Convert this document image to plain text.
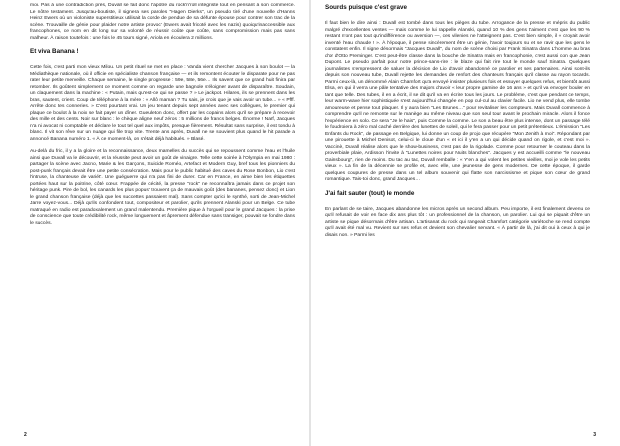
moi. Pas à une contradiction près, Duvall se fait donc l'apôtre du rock'n'roll intégriste tout en pensant à son commerce. Le nôtre testament. Jusqu'au-boutiste, il signera ses paroles "Hagen Dierks", un pseudo tiré d'une nouvelle d'Hanns Heinz Ewers où un violoniste superstitieux utilisait la corde de pendue de sa défunte épouse pour contrer son trac de la scène. Trouvaille de génie pour plaider notre artiste provoc' (Ewers avait fricoté avec les nazis) quoiqu'inaccessible aux francophones, ce nom en dit long sur sa volonté de réussir coûte que coûte, sans compromission mais pas sans malheur. À raison toutefois : une fois le 45 tours signé, Ariola en écoulera 2 millions.

Et viva Banana !

Cette fois, c'est parti mon vieux Milou. Un petit rituel se met en place : Vanda vient chercher Jacques à son boulot — la Médiathèque nationale, où il officie en spécialiste chanson française — et ils remontent écouter le disparate pour ne pas rater leur petite merveille. Chaque semaine, le single progresse : 59e, 58e, 56e… Ils savent que ce grand huit finira par retomber. Ils goûtent simplement ce moment comme on regarde une bagnole s'éloigner avant de disparaître. Soudain, un claquement dans la machine : « Putain, mais qu'est-ce qui se passe ? » Le jackpot. Hilares, ils se prennent dans les bras, sautent, crient. Coup de téléphone à la mère : « Allô maman ? Tu sais, je crois que je vais avoir un tube... » « Pfff. Arrête donc tes conneries. » C'est pourtant vrai. Un jeu tenant depuis sept années avec ses collègues, le premier qui plaque ce boulot à la noix se fait payer un dîner. Gueuleton donc, offert par les copains alors qu'il se prépare à recevoir des mille et des cents. Noir sur blanc : le chèque aligne neuf zéros : 5 millions de francs belges. Énorme ! Naïf, Jacques n'a ni avocat ni comptable et déclare le tout tel quel aux impôts, presque fièrement. Résultat sans surprise, il est tondu à blanc. Il vit son rêve sur un nuage qui file trop vite. Trente ans après, Duvall ne se souvient plus quand le hit parade a annoncé Banana numéro 1. « À ce moment-là, on s'était déjà habitués. » Blasé.

Au-delà du fric, il y a la gloire et la reconnaissance, deux mamelles du succès qui se repoussent comme l'eau et l'huile ainsi que Duvall va le découvrir, et la réussite peut avoir un goût de vinaigre. Telle cette soirée à l'Olympia en mai 1980 : partager la scène avec Jacno, Marie & les Garçons, Suicide Roméo, Artefact et Modern Guy, bref tous les pionniers du post-punk français devait être une petite consécration. Mais pour le public habitué des caves du Rose Bonbon, Lio c'est l'intruse, la chanteuse de variét'. Une guéguerre qui n'a pas fini de durer. Car en France, en aime bien les étiquettes portées haut sur la poitrine, côté cœur. Frappée de cécité, la presse "rock" ne reconnaîtra jamais dans ce projet son héritage punk. Pire de bol, les canards les plus popus' trouvent ça de mauvais goût (des bananes, pensez donc) et Lion le grand chanson française (déjà que les succettes passaient mal). Sans compter qu'ici le synthé, sorti de Jean-Michel Jarre voyez-vous... Déjà qu'ils confondent tout, compositeur et parolier, qu'ils prennent Alanski pour un Belge. Ce tube matraqué en radio est paradoxalement un grand malentendu. Première pique à l'orgueil pour le grand Jacques : la prise de conscience que toute crédibilité rock, même longuement et âprement défendue sans transiger, pouvait se fondre dans le succès.

2
Sourds puisque c'est grave

Il faut bien le dire ainsi : Duvall est tombé dans tous les pièges du tube. Arrogance de la presse et mépris du public malgré d'excellentes ventes — mais comme le lui rappelle Alanski, quand 10 % des gens t'aiment c'est que les 90 % restant n'ont pas tout qu'indifférence ou aversion —, ces vilenies ne l'atteignent pas. C'est bien simple, il « croyait avoir inventé l'eau chaude ! ». À l'époque, il pense sincèrement être un génie, l'avoir toujours su et se ravir que les gens le constatent enfin. Il signe désormais "Jacques Duvall", du nom de scène choisi par Frank Sinatra dans L'homme au bras d'or d'Otto Preminger. C'est peut-être classe dans la bouche de Sinatra mais en francophonie, c'est aussi con que Jean Dupont. Le pseudo parfait pour notre prince-sans-rire : le blaze qui fait rire tout le monde sauf Sinatra. Quelques journalistes s'empressent de saluer la décision de Lio d'avoir abandonné ce parolier et ses partenaires. Ainsi sont-ils depuis son nouveau tube, Duvall rejette les demandes de renfort des chanteurs français qu'il classe au rayon tocards. Parmi ceux-là, un dénommé Alain Chamfort qu'a envoyé insister plusieurs fois et essuyer quelques refus, et bientôt aussi Elsa, en qui il verra une pâle tentative des majors d'avoir « leur propre gamine de 16 ans » et qu'il va envoyer bouler en tant que telle. Des tubes, il en a écrit, il se dit qu'il va en écrire tous les jours. Le problème, c'est que pendant ce temps, leur warm-wave hier sophistiquée s'est aujourd'hui changée en pop cul-cul au clavier facile. Lio ne vend plus, elle tombe amoureuse et pense tout plaquer. Il y aura bien "Les Brunes…" pour revitaliser les compteurs. Mais Duvall commence à comprendre qu'il ne remonte sur le manège au même niveau que son seul tour avant le prochain miracle. Alors il fonce l'expérience en solo. Ce sera "Je le hais", puis Comme la comme. Le son a beau être plus intense, dont un passage télé le foudroiera à zéro mal caché derrière des lunettes de soleil, qui le fera passer pour un petit prétentieux. L'émission "Les Enfants du Rock", de passage en Belgique, lui donne un coup de projo que récupère "Mon Zenith à moi". Répondant par une pirouette à Michel Denisot, celui-ci le cloue d'un « et ici il y'en a un qui décide quand on rigole, et c'est moi ». Vaccinè, Duvall réalise alors que le show-business, c'est pas de la rigolade. Comme pour retourner le couteau dans la proverbiale plaie, Ardisson l'invite à "Lunettes noires pour Nuits blanches". Jacques y est accueilli comme "le nouveau Gainsbourg", rien de moins. Du tac au tac, Duvall remballe : « Y'en a qui volent les petites vieilles, moi je vole les petits vieux ». La fin de la décennie se profile et, avec elle, une jeunesse de gens modernes. De cette époque, il garde quelques coupures de presse dans un tel album souvenir qui flatte son narcissisme et pique son cœur de grand romantique. Tais-toi donc, grand Jacques…

J'ai fait sauter (tout) le monde

En parlant de se taire, Jacques abandonne les micros après un second album. Peu importe, il est finalement devenu ce qu'il refusait de voir en face dix ans plus tôt : un professionnel de la chanson, un parolier. Lui qui se piquait d'être un artiste se pique désormais d'être artisan. L'artisanat du rock qui rangeait Chamfort catégorie variétoche se rend compte qu'il avait été mal vu. Revient sur ses refus et devient son chevalier servant. « À partir de là, j'ai dit oui à ceux à qui je disais non. » Parmi les

3
